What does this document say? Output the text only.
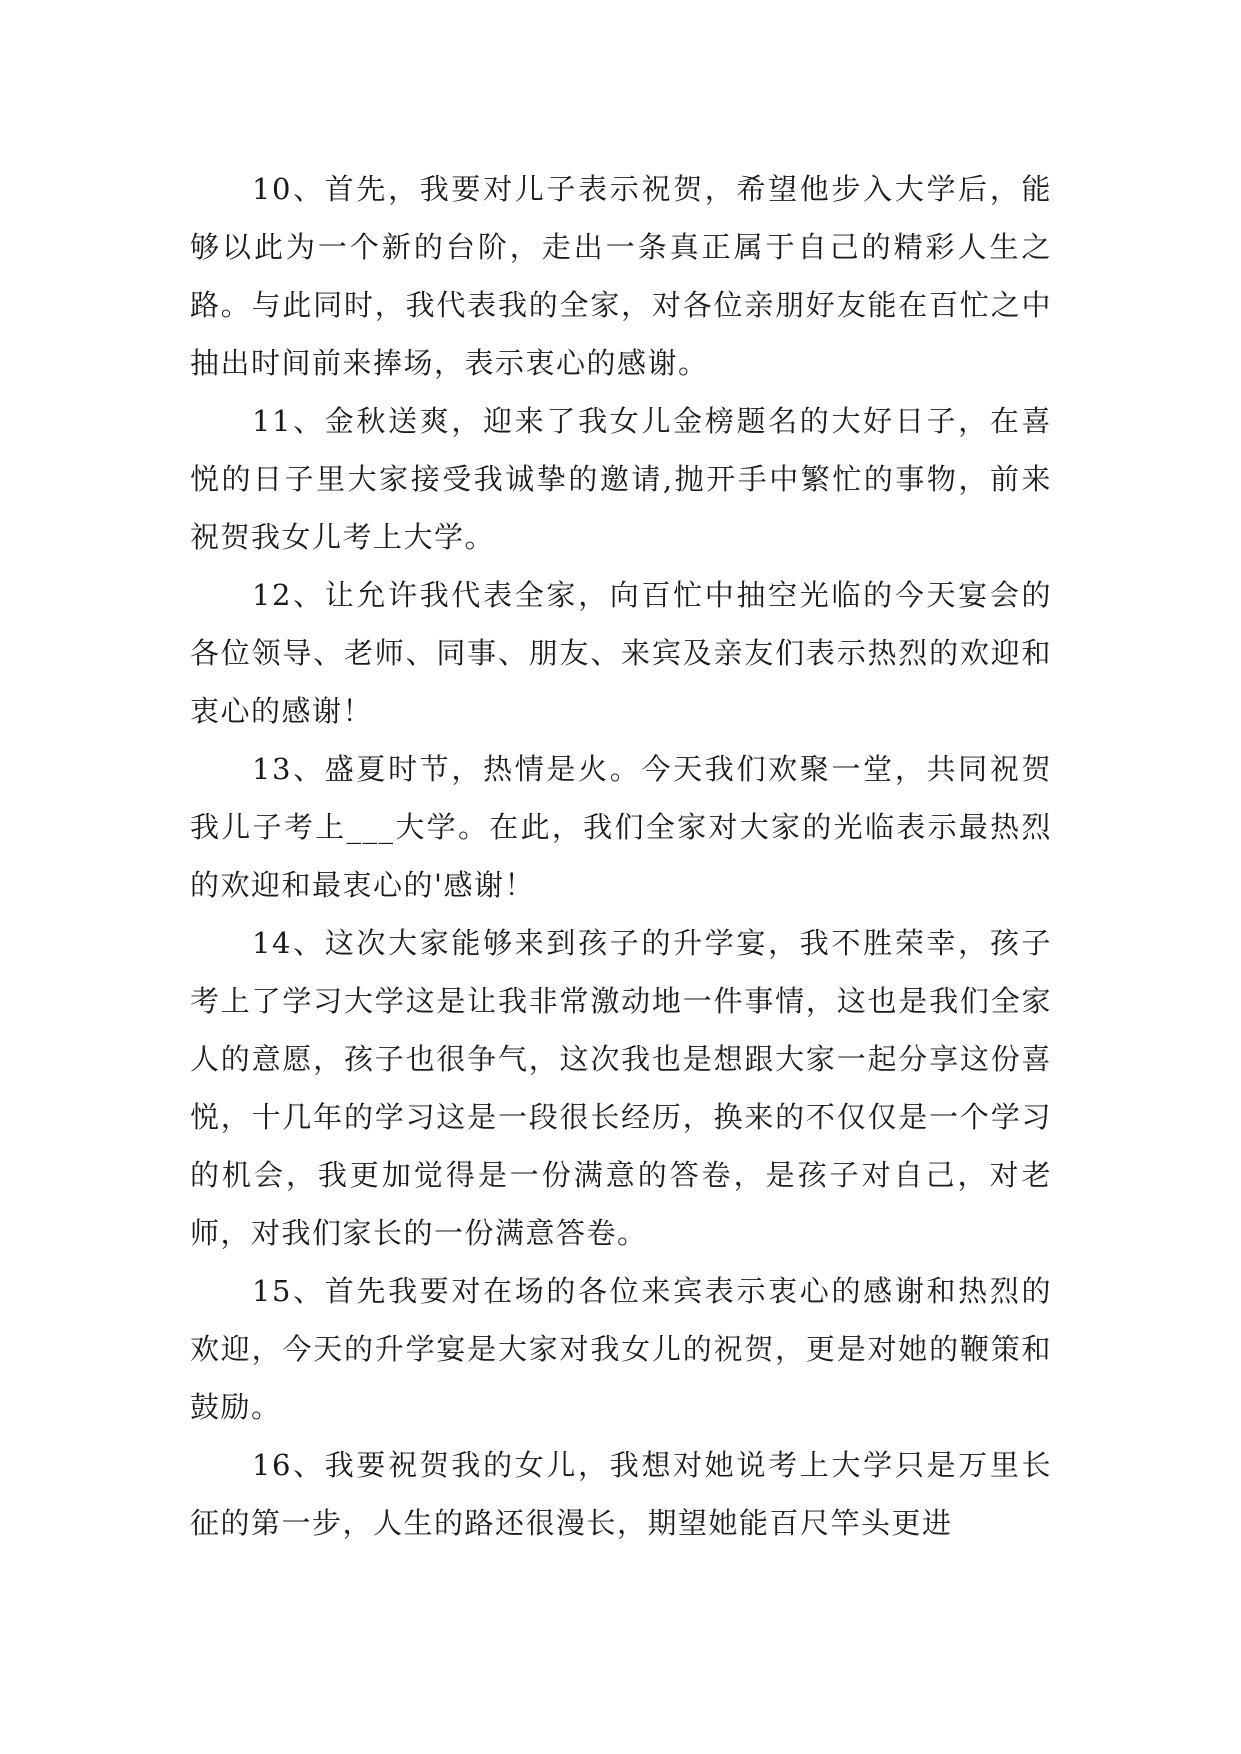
10、首先，我要对儿子表示祝贺，希望他步入大学后，能够以此为一个新的台阶，走出一条真正属于自己的精彩人生之路。与此同时，我代表我的全家，对各位亲朋好友能在百忙之中抽出时间前来捧场，表示衷心的感谢。

11、金秋送爽，迎来了我女儿金榜题名的大好日子，在喜悦的日子里大家接受我诚挚的邀请,抛开手中繁忙的事物，前来祝贺我女儿考上大学。

12、让允许我代表全家，向百忙中抽空光临的今天宴会的各位领导、老师、同事、朋友、来宾及亲友们表示热烈的欢迎和衷心的感谢！

13、盛夏时节，热情是火。今天我们欢聚一堂，共同祝贺我儿子考上___大学。在此，我们全家对大家的光临表示最热烈的欢迎和最衷心的'感谢！

14、这次大家能够来到孩子的升学宴，我不胜荣幸，孩子考上了学习大学这是让我非常激动地一件事情，这也是我们全家人的意愿，孩子也很争气，这次我也是想跟大家一起分享这份喜悦，十几年的学习这是一段很长经历，换来的不仅仅是一个学习的机会，我更加觉得是一份满意的答卷，是孩子对自己，对老师，对我们家长的一份满意答卷。

15、首先我要对在场的各位来宾表示衷心的感谢和热烈的欢迎，今天的升学宴是大家对我女儿的祝贺，更是对她的鞭策和鼓励。

16、我要祝贺我的女儿，我想对她说考上大学只是万里长征的第一步，人生的路还很漫长，期望她能百尺竿头更进
